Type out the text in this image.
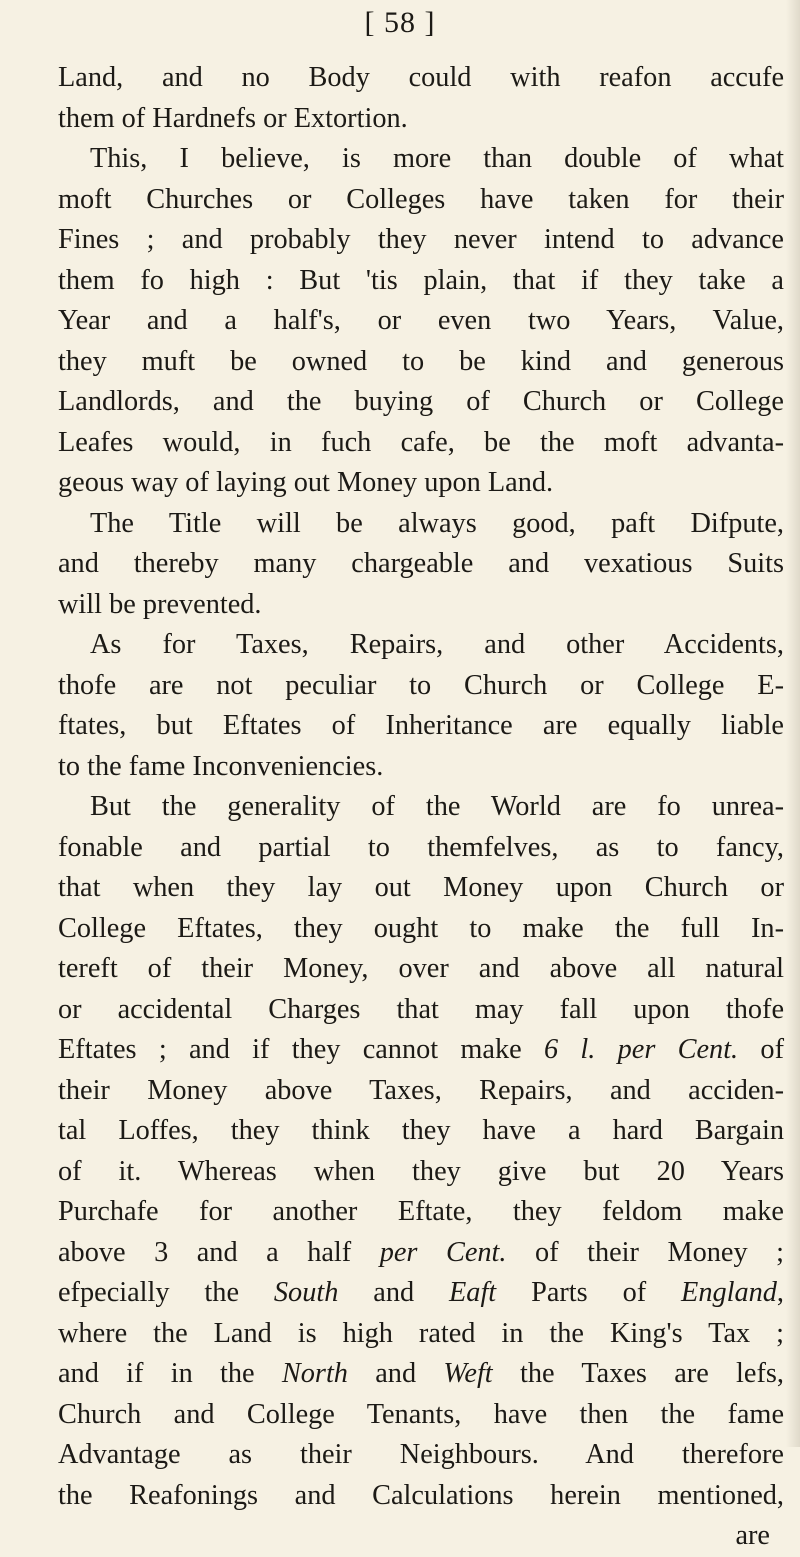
[ 58 ]
Land, and no Body could with reafon accufe
them of Hardnefs or Extortion.
This, I believe, is more than double of what
moft Churches or Colleges have taken for their
Fines ; and probably they never intend to advance
them fo high : But 'tis plain, that if they take a
Year and a half's, or even two Years, Value,
they muft be owned to be kind and generous
Landlords, and the buying of Church or College
Leafes would, in fuch cafe, be the moft advanta-
geous way of laying out Money upon Land.
The Title will be always good, paft Difpute,
and thereby many chargeable and vexatious Suits
will be prevented.
As for Taxes, Repairs, and other Accidents,
thofe are not peculiar to Church or College E-
ftates, but Eftates of Inheritance are equally liable
to the fame Inconveniencies.
But the generality of the World are fo unrea-
fonable and partial to themfelves, as to fancy,
that when they lay out Money upon Church or
College Eftates, they ought to make the full In-
tereft of their Money, over and above all natural
or accidental Charges that may fall upon thofe
Eftates ; and if they cannot make 6 l. per Cent. of
their Money above Taxes, Repairs, and acciden-
tal Loffes, they think they have a hard Bargain
of it. Whereas when they give but 20 Years
Purchafe for another Eftate, they feldom make
above 3 and a half per Cent. of their Money ;
efpecially the South and Eaft Parts of England,
where the Land is high rated in the King's Tax ;
and if in the North and Weft the Taxes are lefs,
Church and College Tenants, have then the fame
Advantage as their Neighbours. And therefore
the Reafonings and Calculations herein mentioned,
are
